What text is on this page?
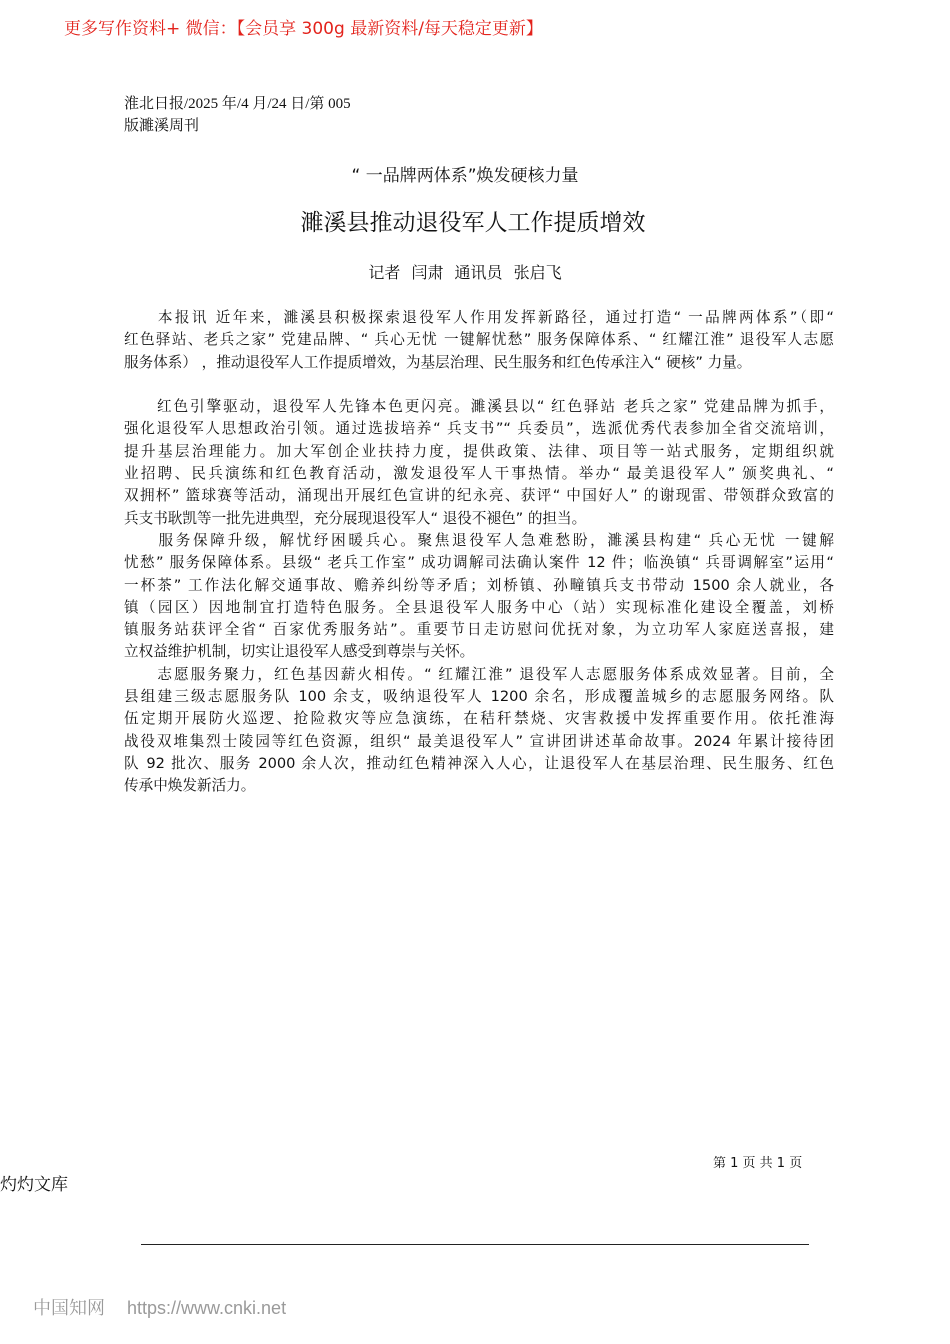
更多写作资料+ 微信：【会员享 300g 最新资料/每天稳定更新】
淮北日报/2025 年/4 月/24 日/第 005
版濉溪周刊
“ 一品牌两体系”焕发硬核力量
濉溪县推动退役军人工作提质增效
记者 闫肃 通讯员 张启飞
　　本报讯 近年来，濉溪县积极探索退役军人作用发挥新路径，通过打造“ 一品牌两体系”（即“
红色驿站、老兵之家” 党建品牌、“ 兵心无忧 一键解忧愁” 服务保障体系、“ 红耀江淮” 退役军人志愿
服务体系） ，推动退役军人工作提质增效，为基层治理、民生服务和红色传承注入“ 硬核” 力量。
　　红色引擎驱动，退役军人先锋本色更闪亮。濉溪县以“ 红色驿站 老兵之家” 党建品牌为抓手，
强化退役军人思想政治引领。通过选拔培养“ 兵支书”“ 兵委员”，选派优秀代表参加全省交流培训，
提升基层治理能力。加大军创企业扶持力度，提供政策、法律、项目等一站式服务，定期组织就
业招聘、民兵演练和红色教育活动，激发退役军人干事热情。举办“ 最美退役军人” 颁奖典礼、“
双拥杯” 篮球赛等活动，涌现出开展红色宣讲的纪永亮、获评“ 中国好人” 的谢现雷、带领群众致富的
兵支书耿凯等一批先进典型，充分展现退役军人“ 退役不褪色” 的担当。
　　服务保障升级，解忧纾困暖兵心。聚焦退役军人急难愁盼，濉溪县构建“ 兵心无忧 一键解
忧愁” 服务保障体系。县级“ 老兵工作室” 成功调解司法确认案件 12 件；临涣镇“ 兵哥调解室”运用“
一杯茶” 工作法化解交通事故、赡养纠纷等矛盾；刘桥镇、孙疃镇兵支书带动 1500 余人就业，各
镇（园区）因地制宜打造特色服务。全县退役军人服务中心（站）实现标准化建设全覆盖，刘桥
镇服务站获评全省“ 百家优秀服务站”。重要节日走访慰问优抚对象，为立功军人家庭送喜报，建
立权益维护机制，切实让退役军人感受到尊崇与关怀。
　　志愿服务聚力，红色基因薪火相传。“ 红耀江淮” 退役军人志愿服务体系成效显著。目前，全
县组建三级志愿服务队 100 余支，吸纳退役军人 1200 余名，形成覆盖城乡的志愿服务网络。队
伍定期开展防火巡逻、抢险救灾等应急演练，在秸秆禁烧、灾害救援中发挥重要作用。依托淮海
战役双堆集烈士陵园等红色资源，组织“ 最美退役军人” 宣讲团讲述革命故事。2024 年累计接待团
队 92 批次、服务 2000 余人次，推动红色精神深入人心，让退役军人在基层治理、民生服务、红色
传承中焕发新活力。
第 1 页 共 1 页
灼灼文库
中国知网 https://www.cnki.net
